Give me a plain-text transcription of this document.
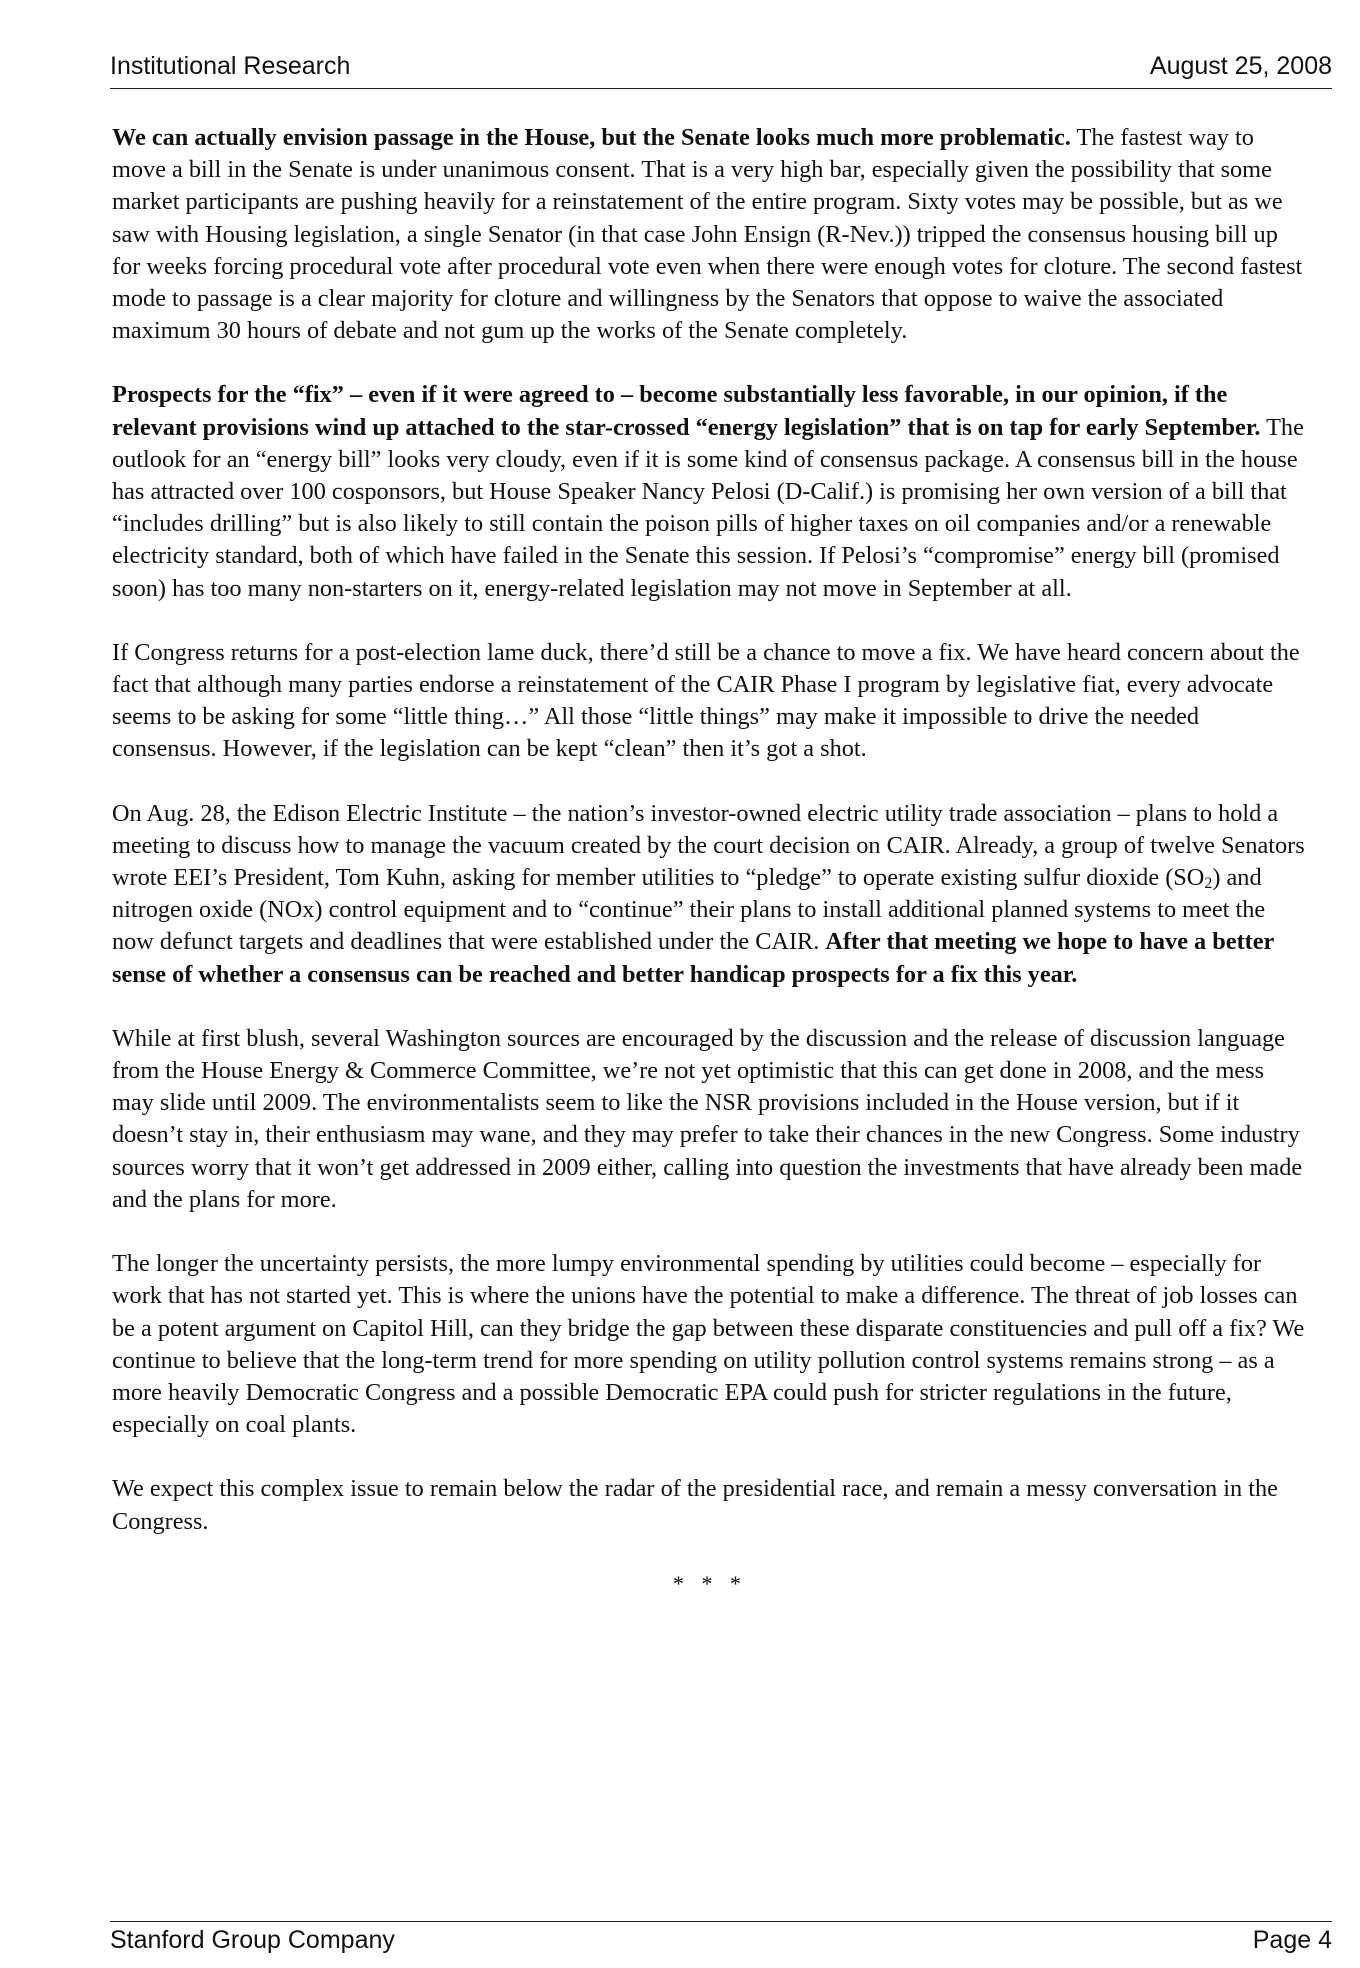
Institutional Research	August 25, 2008

We can actually envision passage in the House, but the Senate looks much more problematic. The fastest way to move a bill in the Senate is under unanimous consent. That is a very high bar, especially given the possibility that some market participants are pushing heavily for a reinstatement of the entire program. Sixty votes may be possible, but as we saw with Housing legislation, a single Senator (in that case John Ensign (R-Nev.)) tripped the consensus housing bill up for weeks forcing procedural vote after procedural vote even when there were enough votes for cloture. The second fastest mode to passage is a clear majority for cloture and willingness by the Senators that oppose to waive the associated maximum 30 hours of debate and not gum up the works of the Senate completely.

Prospects for the “fix” – even if it were agreed to – become substantially less favorable, in our opinion, if the relevant provisions wind up attached to the star-crossed “energy legislation” that is on tap for early September. The outlook for an “energy bill” looks very cloudy, even if it is some kind of consensus package. A consensus bill in the house has attracted over 100 cosponsors, but House Speaker Nancy Pelosi (D-Calif.) is promising her own version of a bill that “includes drilling” but is also likely to still contain the poison pills of higher taxes on oil companies and/or a renewable electricity standard, both of which have failed in the Senate this session. If Pelosi’s “compromise” energy bill (promised soon) has too many non-starters on it, energy-related legislation may not move in September at all.

If Congress returns for a post-election lame duck, there’d still be a chance to move a fix. We have heard concern about the fact that although many parties endorse a reinstatement of the CAIR Phase I program by legislative fiat, every advocate seems to be asking for some “little thing…” All those “little things” may make it impossible to drive the needed consensus. However, if the legislation can be kept “clean” then it’s got a shot.

On Aug. 28, the Edison Electric Institute – the nation’s investor-owned electric utility trade association – plans to hold a meeting to discuss how to manage the vacuum created by the court decision on CAIR. Already, a group of twelve Senators wrote EEI’s President, Tom Kuhn, asking for member utilities to “pledge” to operate existing sulfur dioxide $(SO_2)$ and nitrogen oxide (NOx) control equipment and to “continue” their plans to install additional planned systems to meet the now defunct targets and deadlines that were established under the CAIR. After that meeting we hope to have a better sense of whether a consensus can be reached and better handicap prospects for a fix this year.

While at first blush, several Washington sources are encouraged by the discussion and the release of discussion language from the House Energy & Commerce Committee, we’re not yet optimistic that this can get done in 2008, and the mess may slide until 2009. The environmentalists seem to like the NSR provisions included in the House version, but if it doesn’t stay in, their enthusiasm may wane, and they may prefer to take their chances in the new Congress. Some industry sources worry that it won’t get addressed in 2009 either, calling into question the investments that have already been made and the plans for more.

The longer the uncertainty persists, the more lumpy environmental spending by utilities could become – especially for work that has not started yet. This is where the unions have the potential to make a difference. The threat of job losses can be a potent argument on Capitol Hill, can they bridge the gap between these disparate constituencies and pull off a fix? We continue to believe that the long-term trend for more spending on utility pollution control systems remains strong – as a more heavily Democratic Congress and a possible Democratic EPA could push for stricter regulations in the future, especially on coal plants.

We expect this complex issue to remain below the radar of the presidential race, and remain a messy conversation in the Congress.

* * *
Stanford Group Company	Page 4
